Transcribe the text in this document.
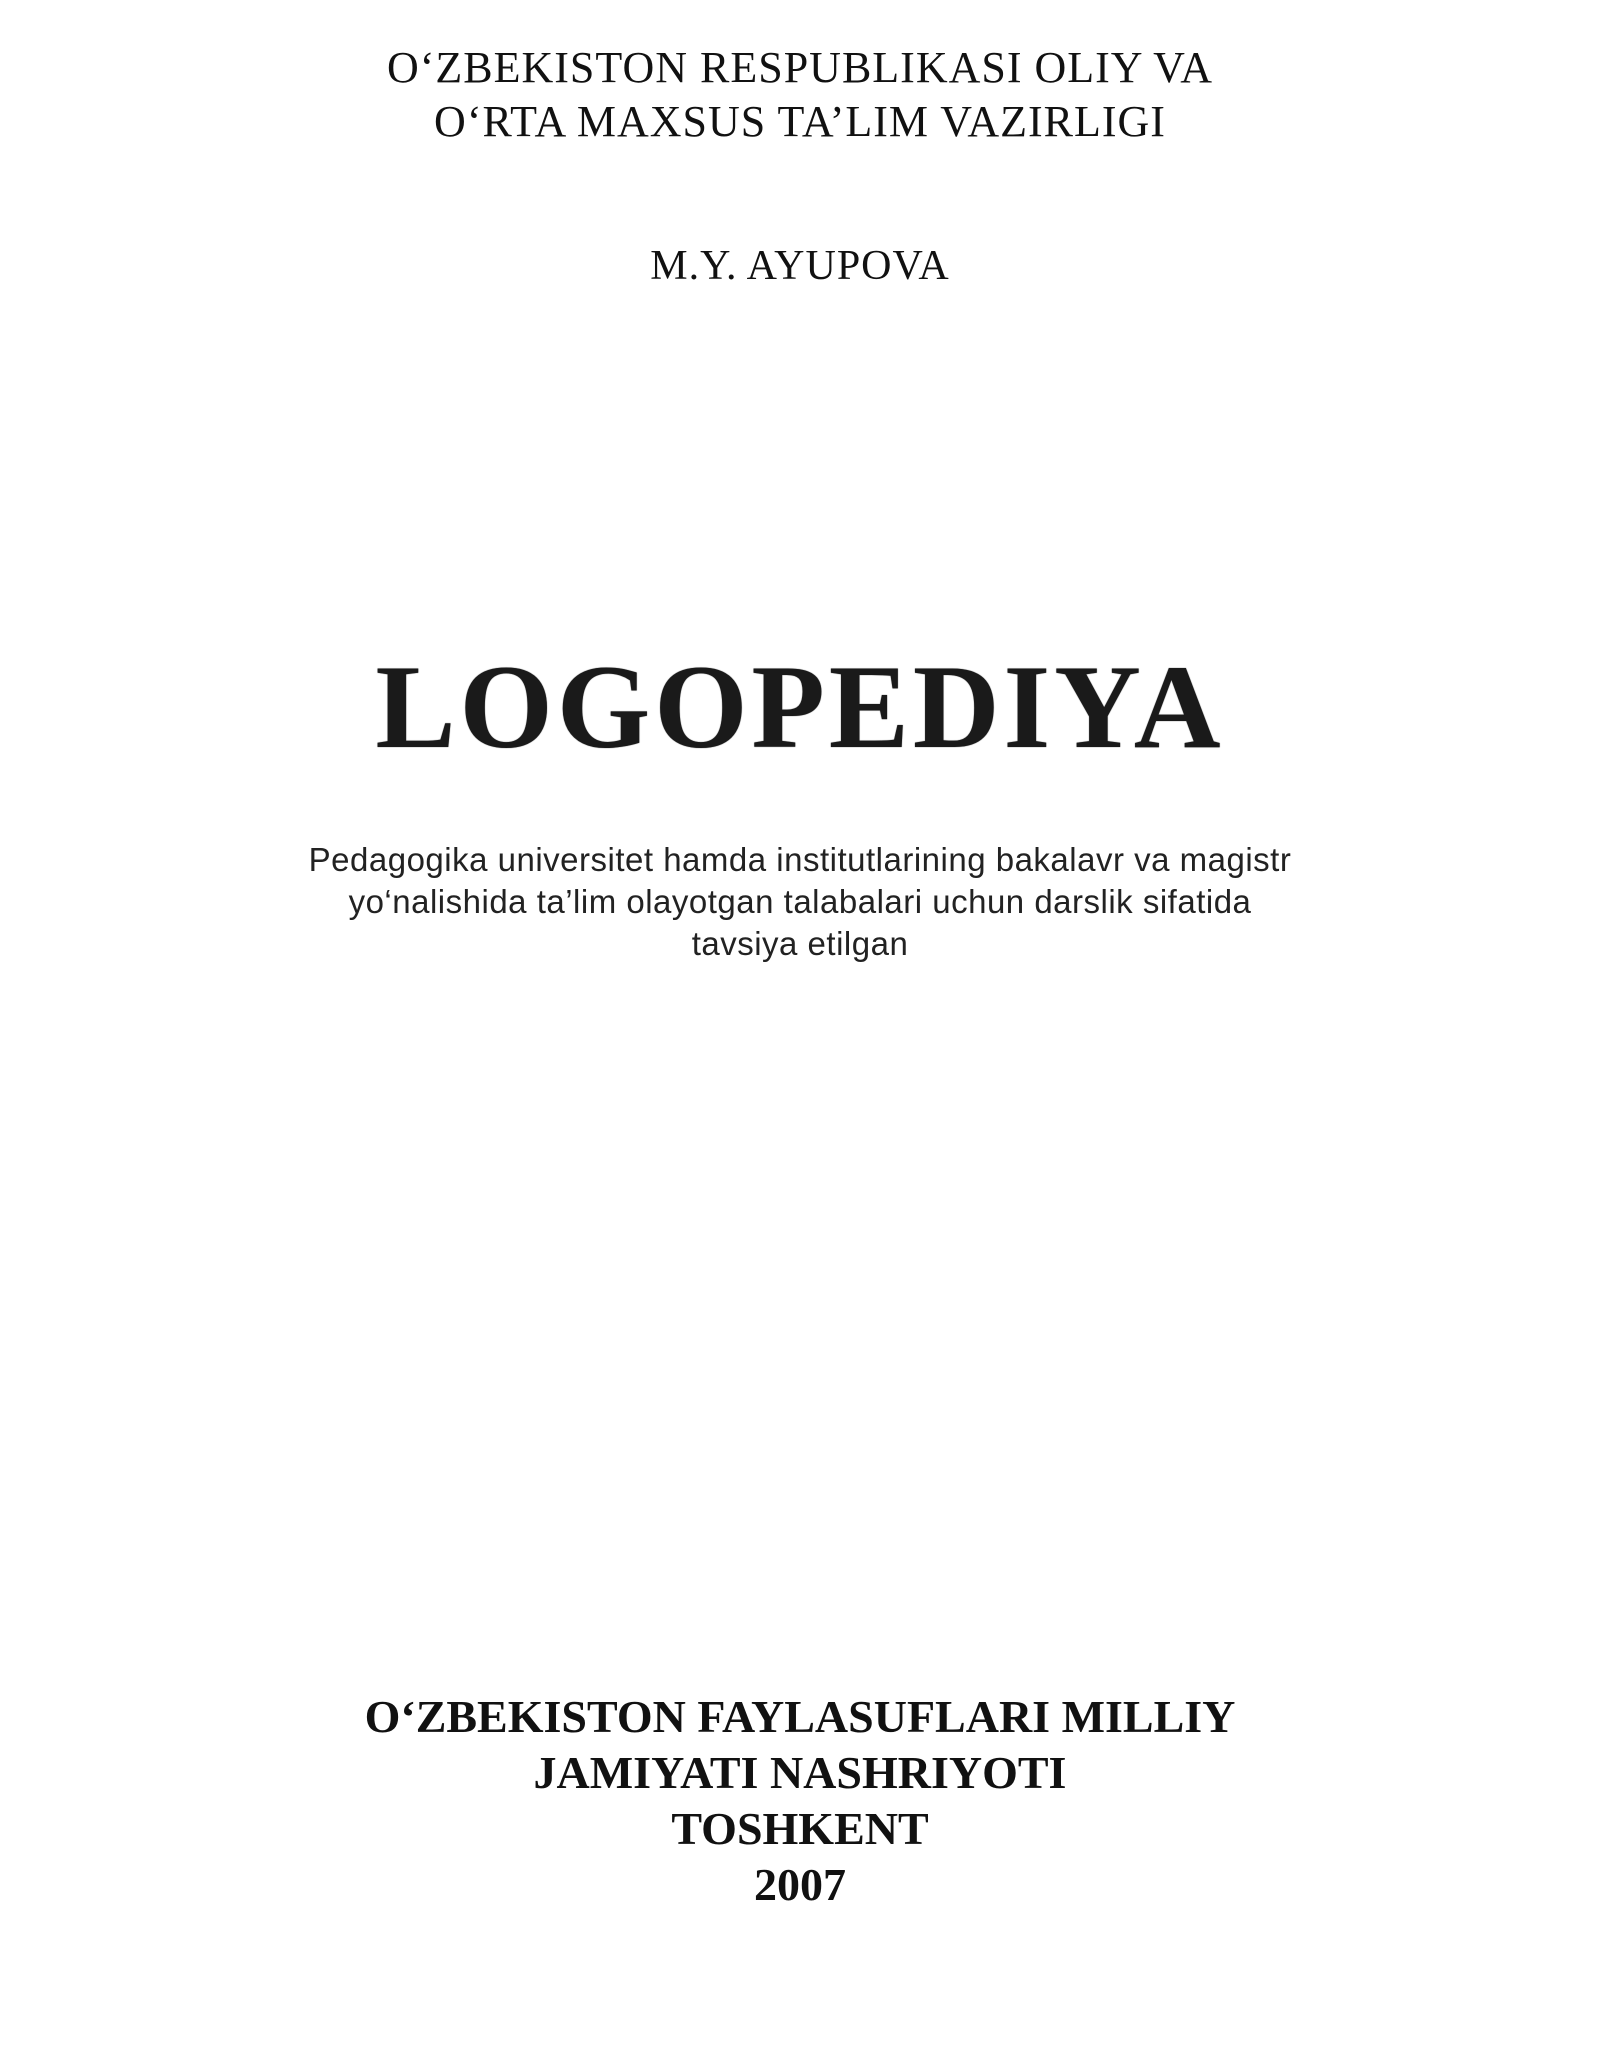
O‘ZBEKISTON RESPUBLIKASI OLIY VA
O‘RTA MAXSUS TA’LIM VAZIRLIGI
M.Y. AYUPOVA
LOGOPEDIYA
Pedagogika universitet hamda institutlarining bakalavr va magistr
yo‘nalishida ta’lim olayotgan talabalari uchun darslik sifatida
tavsiya etilgan
O‘ZBEKISTON FAYLASUFLARI MILLIY
JAMIYATI NASHRIYOTI
TOSHKENT
2007
